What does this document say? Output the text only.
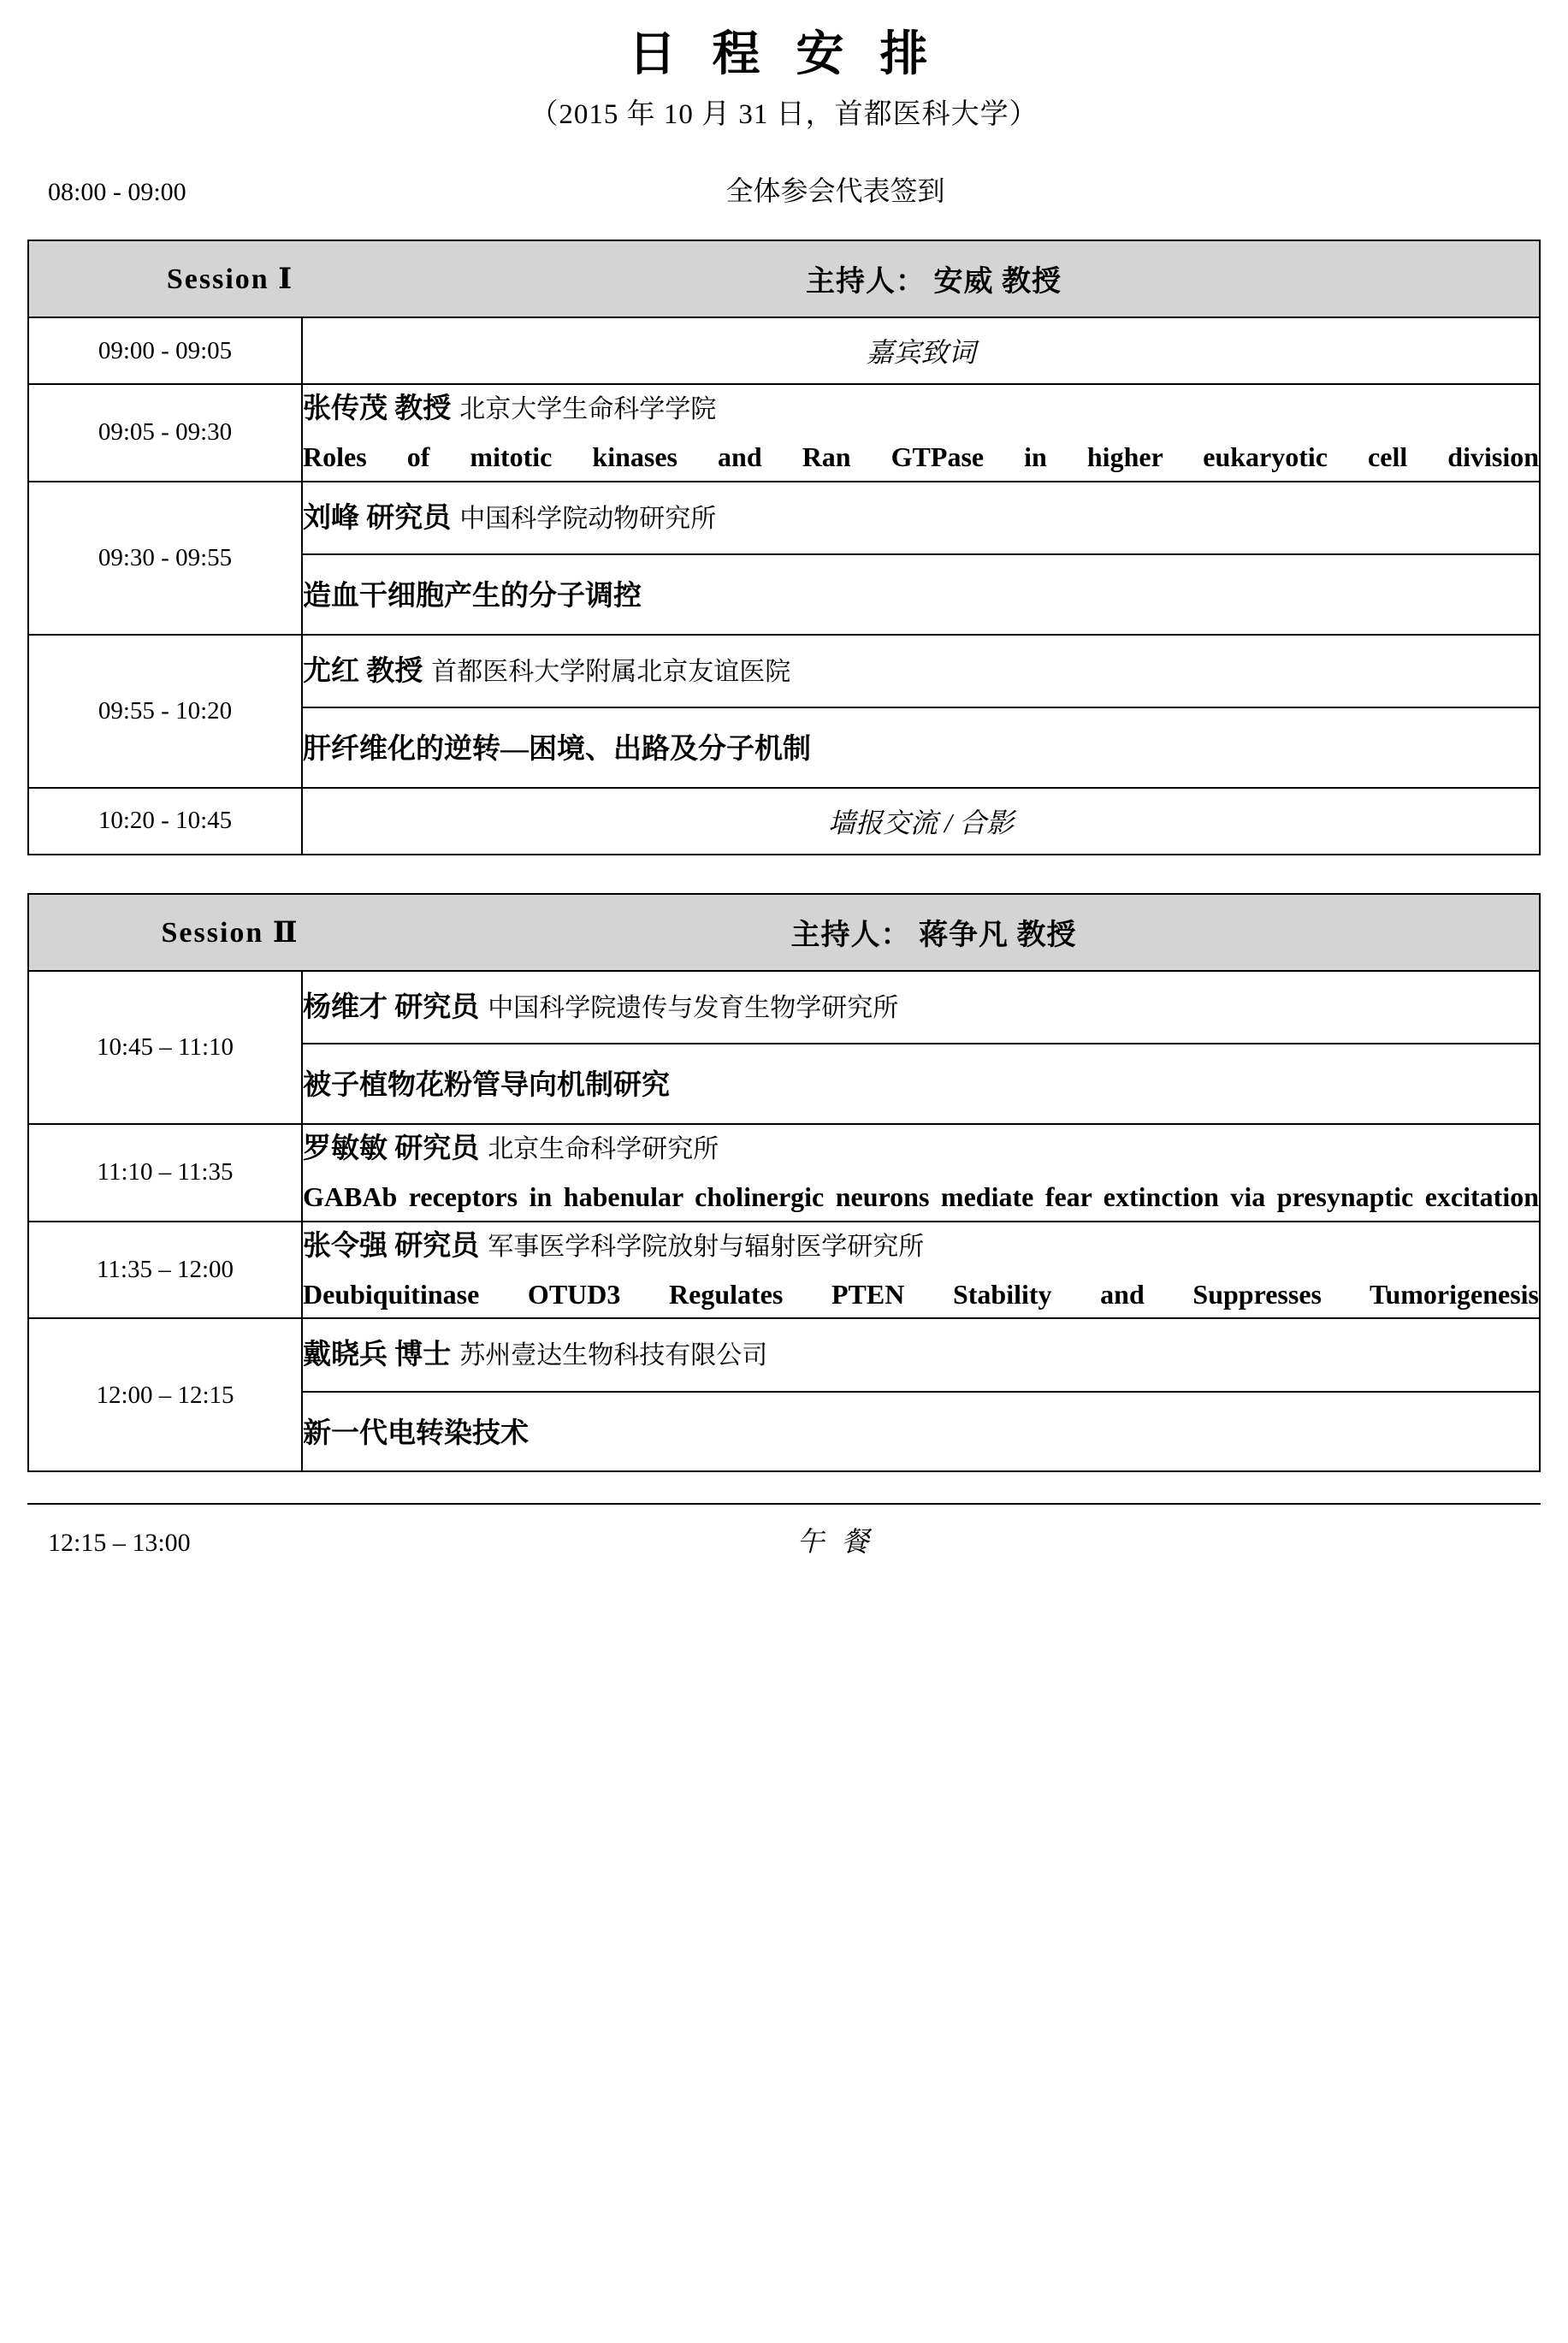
日 程 安 排
（2015 年 10 月 31 日，首都医科大学）
08:00 - 09:00	全体参会代表签到
Session Ⅰ 主持人： 安威 教授	

09:00 - 09:05	嘉宾致词
09:05 - 09:30	张传茂 教授 北京大学生命科学学院
Roles of mitotic kinases and Ran GTPase in higher eukaryotic cell division

09:30 - 09:55	刘峰 研究员 中国科学院动物研究所

	造血干细胞产生的分子调控

09:55 - 10:20	尤红 教授 首都医科大学附属北京友谊医院

	肝纤维化的逆转—困境、出路及分子机制

10:20 - 10:45	墙报交流 / 合影
Session Ⅱ 主持人： 蒋争凡 教授	

10:45 – 11:10	杨维才 研究员 中国科学院遗传与发育生物学研究所

	被子植物花粉管导向机制研究

11:10 – 11:35	罗敏敏 研究员 北京生命科学研究所
GABAb receptors in habenular cholinergic neurons mediate fear extinction via presynaptic excitation

11:35 – 12:00	张令强 研究员 军事医学科学院放射与辐射医学研究所
Deubiquitinase OTUD3 Regulates PTEN Stability and Suppresses Tumorigenesis

12:00 – 12:15	戴晓兵 博士 苏州壹达生物科技有限公司

	新一代电转染技术
12:15 – 13:00	午 餐
